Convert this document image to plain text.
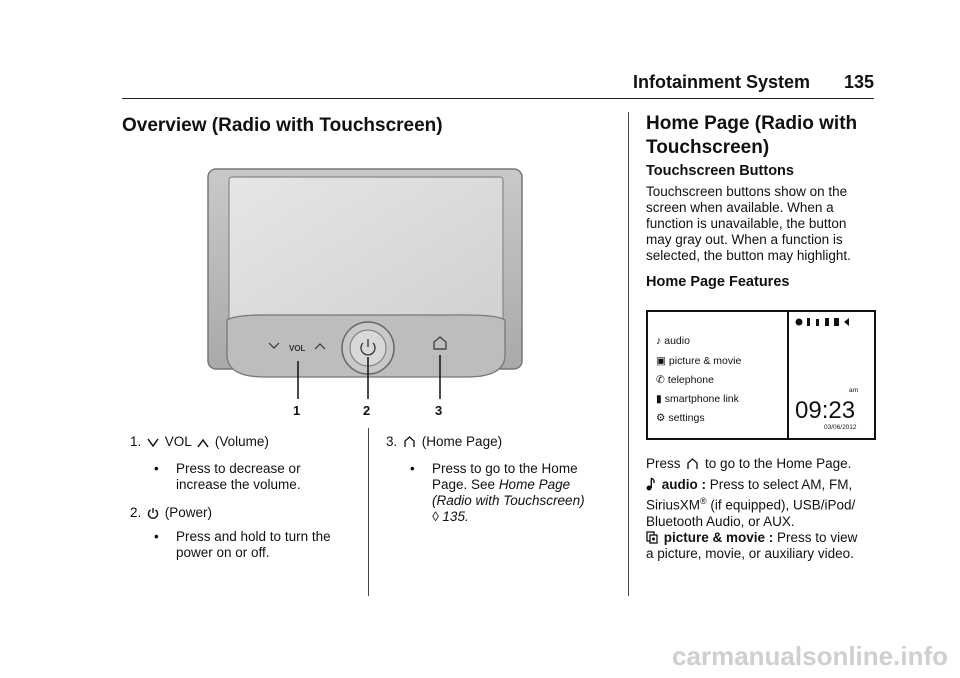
Infotainment System 135
Overview (Radio with Touchscreen)
VOL
1	2	3
1. VOL (Volume)
• Press to decrease or
increase the volume.
2. (Power)
• Press and hold to turn the
power on or off.
3. (Home Page)
• Press to go to the Home
Page. See Home Page
(Radio with Touchscreen)
◊ 135.
Home Page (Radio with
Touchscreen)
Touchscreen Buttons
Touchscreen buttons show on the
screen when available. When a
function is unavailable, the button
may gray out. When a function is
selected, the button may highlight.
Home Page Features
♪ audio
▣ picture & movie
✆ telephone
▮ smartphone link
⚙ settings
am
09:23
03/06/2012
Press to go to the Home Page.
audio : Press to select AM, FM,
SiriusXM® (if equipped), USB/iPod/
Bluetooth Audio, or AUX.
picture & movie : Press to view
a picture, movie, or auxiliary video.
carmanualsonline.info
